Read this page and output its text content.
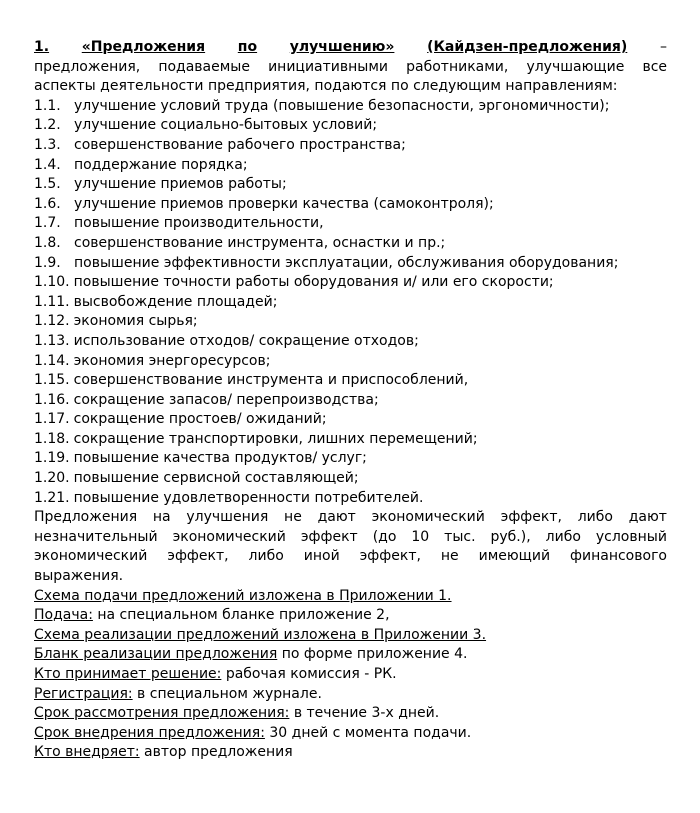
1. «Предложения по улучшению» (Кайдзен-предложения) –
предложения, подаваемые инициативными работниками, улучшающие все
аспекты деятельности предприятия, подаются по следующим направлениям:
1.1. улучшение условий труда (повышение безопасности, эргономичности);
1.2. улучшение социально-бытовых условий;
1.3. совершенствование рабочего пространства;
1.4. поддержание порядка;
1.5. улучшение приемов работы;
1.6. улучшение приемов проверки качества (самоконтроля);
1.7. повышение производительности,
1.8. совершенствование инструмента, оснастки и пр.;
1.9. повышение эффективности эксплуатации, обслуживания оборудования;
1.10. повышение точности работы оборудования и/ или его скорости;
1.11. высвобождение площадей;
1.12. экономия сырья;
1.13. использование отходов/ сокращение отходов;
1.14. экономия энергоресурсов;
1.15. совершенствование инструмента и приспособлений,
1.16. сокращение запасов/ перепроизводства;
1.17. сокращение простоев/ ожиданий;
1.18. сокращение транспортировки, лишних перемещений;
1.19. повышение качества продуктов/ услуг;
1.20. повышение сервисной составляющей;
1.21. повышение удовлетворенности потребителей.
Предложения на улучшения не дают экономический эффект, либо дают
незначительный экономический эффект (до 10 тыс. руб.), либо условный
экономический эффект, либо иной эффект, не имеющий финансового
выражения.
Схема подачи предложений изложена в Приложении 1.
Подача: на специальном бланке приложение 2,
Схема реализации предложений изложена в Приложении 3.
Бланк реализации предложения по форме приложение 4.
Кто принимает решение: рабочая комиссия - РК.
Регистрация: в специальном журнале.
Срок рассмотрения предложения: в течение 3-х дней.
Срок внедрения предложения: 30 дней с момента подачи.
Кто внедряет: автор предложения
